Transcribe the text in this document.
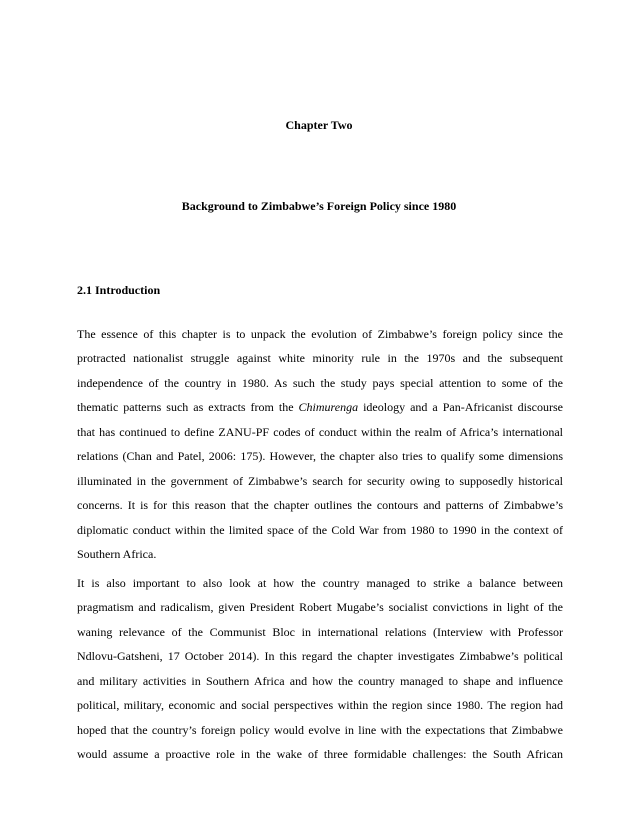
Chapter Two
Background to Zimbabwe’s Foreign Policy since 1980
2.1 Introduction
The essence of this chapter is to unpack the evolution of Zimbabwe’s foreign policy since the
protracted nationalist struggle against white minority rule in the 1970s and the subsequent
independence of the country in 1980. As such the study pays special attention to some of the
thematic patterns such as extracts from the Chimurenga ideology and a Pan-Africanist discourse
that has continued to define ZANU-PF codes of conduct within the realm of Africa’s international
relations (Chan and Patel, 2006: 175). However, the chapter also tries to qualify some dimensions
illuminated in the government of Zimbabwe’s search for security owing to supposedly historical
concerns. It is for this reason that the chapter outlines the contours and patterns of Zimbabwe’s
diplomatic conduct within the limited space of the Cold War from 1980 to 1990 in the context of
Southern Africa.
It is also important to also look at how the country managed to strike a balance between
pragmatism and radicalism, given President Robert Mugabe’s socialist convictions in light of the
waning relevance of the Communist Bloc in international relations (Interview with Professor
Ndlovu-Gatsheni, 17 October 2014). In this regard the chapter investigates Zimbabwe’s political
and military activities in Southern Africa and how the country managed to shape and influence
political, military, economic and social perspectives within the region since 1980. The region had
hoped that the country’s foreign policy would evolve in line with the expectations that Zimbabwe
would assume a proactive role in the wake of three formidable challenges: the South African
